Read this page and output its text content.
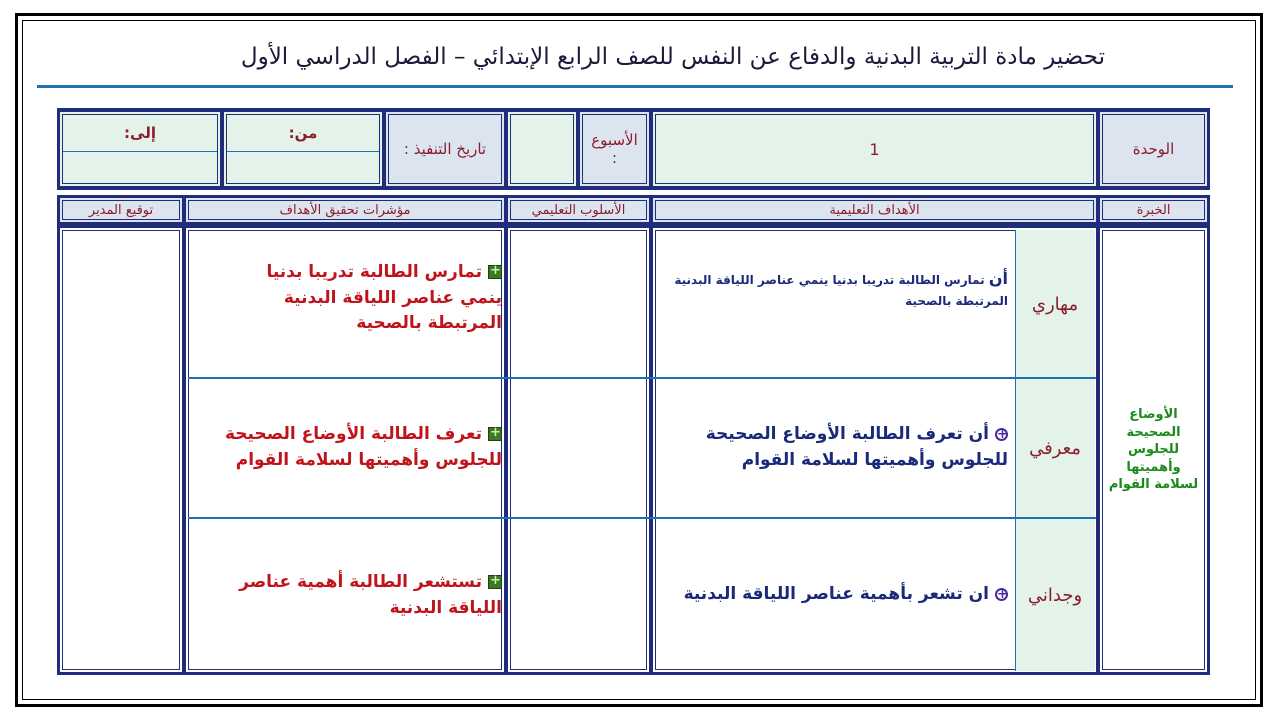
تحضير مادة التربية البدنية والدفاع عن النفس للصف الرابع الإبتدائي – الفصل الدراسي الأول
الوحدة
1
الأسبوع
:
تاريخ التنفيذ :
من:
إلى:
الخبرة
الأهداف التعليمية
الأسلوب التعليمي
مؤشرات تحقيق الأهداف
توقيع المدير
الأوضاع الصحيحة للجلوس وأهميتها لسلامة القوام
مهاري
أن تمارس الطالبة تدريبا بدنيا ينمي عناصر اللياقة البدنية المرتبطة بالصحية
+تمارس الطالبة تدريبا بدنيا ينمي عناصر اللياقة البدنية المرتبطة بالصحية
معرفي
+أن تعرف الطالبة الأوضاع الصحيحة للجلوس وأهميتها لسلامة القوام
+تعرف الطالبة الأوضاع الصحيحة للجلوس وأهميتها لسلامة القوام
وجداني
+ان تشعر بأهمية عناصر اللياقة البدنية
+تستشعر الطالبة أهمية عناصر اللياقة البدنية
